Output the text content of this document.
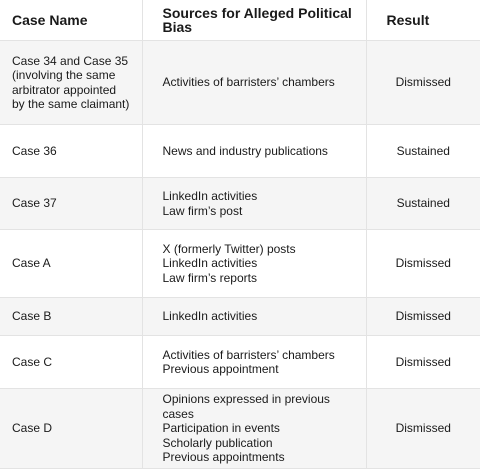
Case Name	Sources for Alleged Political Bias	Result

Case 34 and Case 35
(involving the same
arbitrator appointed
by the same claimant)	Activities of barristers’ chambers	Dismissed

Case 36	News and industry publications	Sustained

Case 37	LinkedIn activities
Law firm’s post	Sustained

Case A	X (formerly Twitter) posts
LinkedIn activities
Law firm’s reports	Dismissed

Case B	LinkedIn activities	Dismissed

Case C	Activities of barristers’ chambers
Previous appointment	Dismissed

Case D	Opinions expressed in previous cases
Participation in events
Scholarly publication
Previous appointments	Dismissed
